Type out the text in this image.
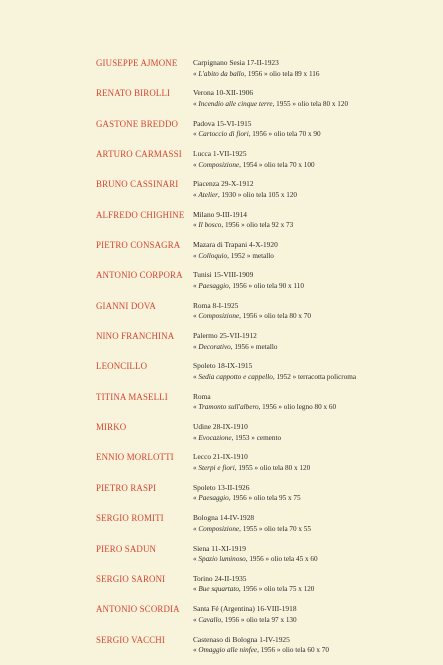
GIUSEPPE AJMONE	Carpignano Sesia 17-II-1923
« L'abito da ballo, 1956 » olio tela 89 x 116
RENATO BIROLLI	Verona 10-XII-1906
« Incendio alle cinque terre, 1955 » olio tela 80 x 120
GASTONE BREDDO	Padova 15-VI-1915
« Cartoccio di fiori, 1956 » olio tela 70 x 90
ARTURO CARMASSI	Lucca 1-VII-1925
« Composizione, 1954 » olio tela 70 x 100
BRUNO CASSINARI	Piacenza 29-X-1912
« Atelier, 1930 » olio tela 105 x 120
ALFREDO CHIGHINE	Milano 9-III-1914
« Il bosco, 1956 » olio tela 92 x 73
PIETRO CONSAGRA	Mazara di Trapani 4-X-1920
« Colloquio, 1952 » metallo
ANTONIO CORPORA	Tunisi 15-VIII-1909
« Paesaggio, 1956 » olio tela 90 x 110
GIANNI DOVA	Roma 8-I-1925
« Composizione, 1956 » olio tela 80 x 70
NINO FRANCHINA	Palermo 25-VII-1912
« Decorativo, 1956 » metallo
LEONCILLO	Spoleto 18-IX-1915
« Sedia cappotto e cappello, 1952 » terracotta policroma
TITINA MASELLI	Roma
« Tramonto sull'albero, 1956 » olio legno 80 x 60
MIRKO	Udine 28-IX-1910
« Evocazione, 1953 » cemento
ENNIO MORLOTTI	Lecco 21-IX-1910
« Sterpi e fiori, 1955 » olio tela 80 x 120
PIETRO RASPI	Spoleto 13-II-1926
« Paesaggio, 1956 » olio tela 95 x 75
SERGIO ROMITI	Bologna 14-IV-1928
« Composizione, 1955 » olio tela 70 x 55
PIERO SADUN	Siena 11-XI-1919
« Spazio luminoso, 1956 » olio tela 45 x 60
SERGIO SARONI	Torino 24-II-1935
« Bue squartato, 1956 » olio tela 75 x 120
ANTONIO SCORDIA	Santa Fé (Argentina) 16-VIII-1918
« Cavallo, 1956 » olio tela 97 x 130
SERGIO VACCHI	Castenaso di Bologna 1-IV-1925
« Omaggio alle ninfee, 1956 » olio tela 60 x 70
